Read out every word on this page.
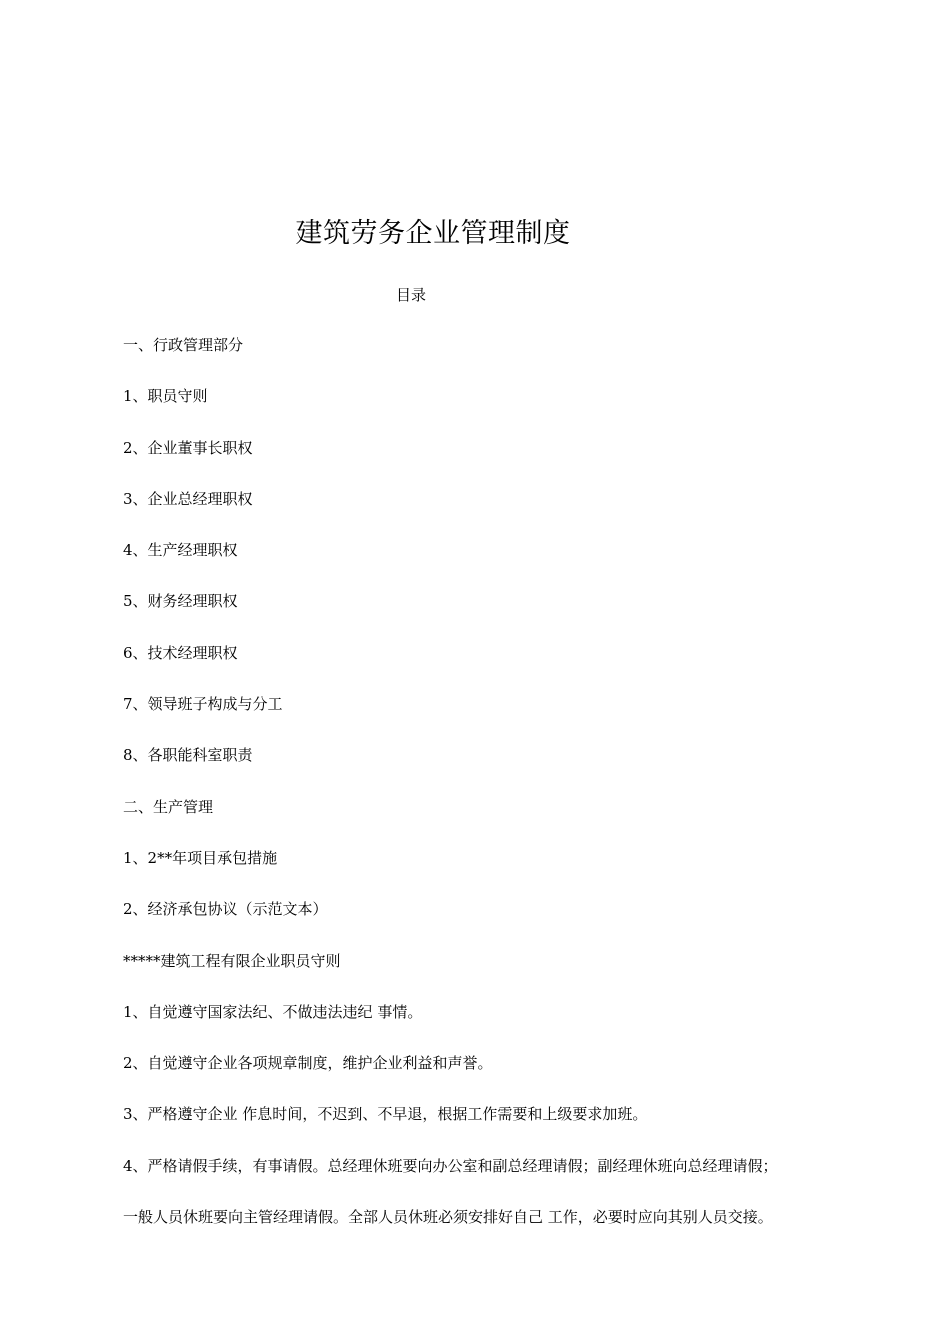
建筑劳务企业管理制度
目录
一、行政管理部分
1、职员守则
2、企业董事长职权
3、企业总经理职权
4、生产经理职权
5、财务经理职权
6、技术经理职权
7、领导班子构成与分工
8、各职能科室职责
二、生产管理
1、2**年项目承包措施
2、经济承包协议（示范文本）
*****建筑工程有限企业职员守则
1、自觉遵守国家法纪、不做违法违纪 事情。
2、自觉遵守企业各项规章制度，维护企业利益和声誉。
3、严格遵守企业 作息时间，不迟到、不早退，根据工作需要和上级要求加班。
4、严格请假手续，有事请假。总经理休班要向办公室和副总经理请假；副经理休班向总经理请假；
一般人员休班要向主管经理请假。全部人员休班必须安排好自己 工作，必要时应向其别人员交接。
